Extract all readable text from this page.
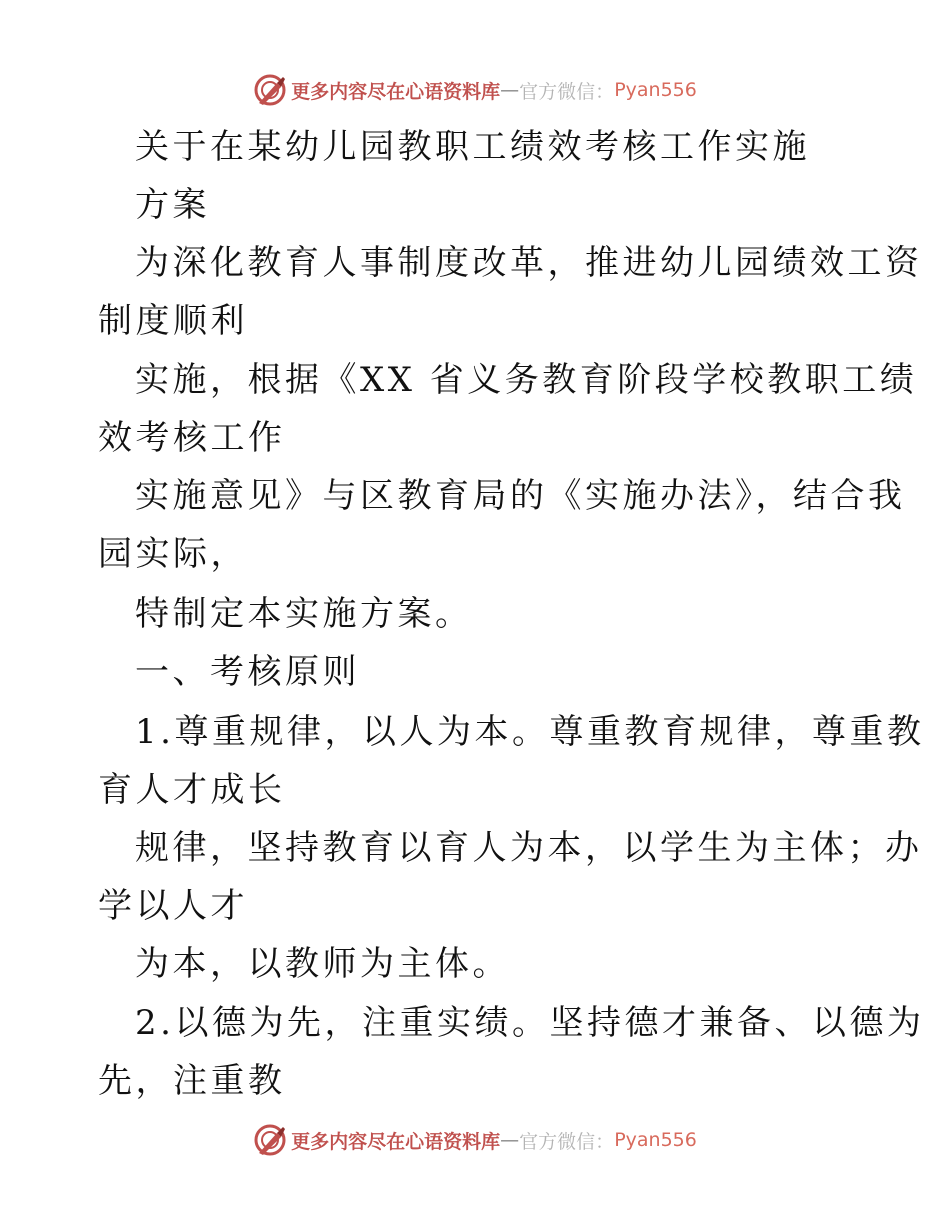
更多内容尽在心语资料库 — 官方微信： Pyan556
关于在某幼儿园教职工绩效考核工作实施
方案
为深化教育人事制度改革，推进幼儿园绩效工资
制度顺利
实施，根据《XX 省义务教育阶段学校教职工绩
效考核工作
实施意见》与区教育局的《实施办法》，结合我
园实际，
特制定本实施方案。
一、考核原则
1.尊重规律，以人为本。尊重教育规律，尊重教
育人才成长
规律，坚持教育以育人为本，以学生为主体；办
学以人才
为本，以教师为主体。
2.以德为先，注重实绩。坚持德才兼备、以德为
先，注重教
更多内容尽在心语资料库 — 官方微信： Pyan556
